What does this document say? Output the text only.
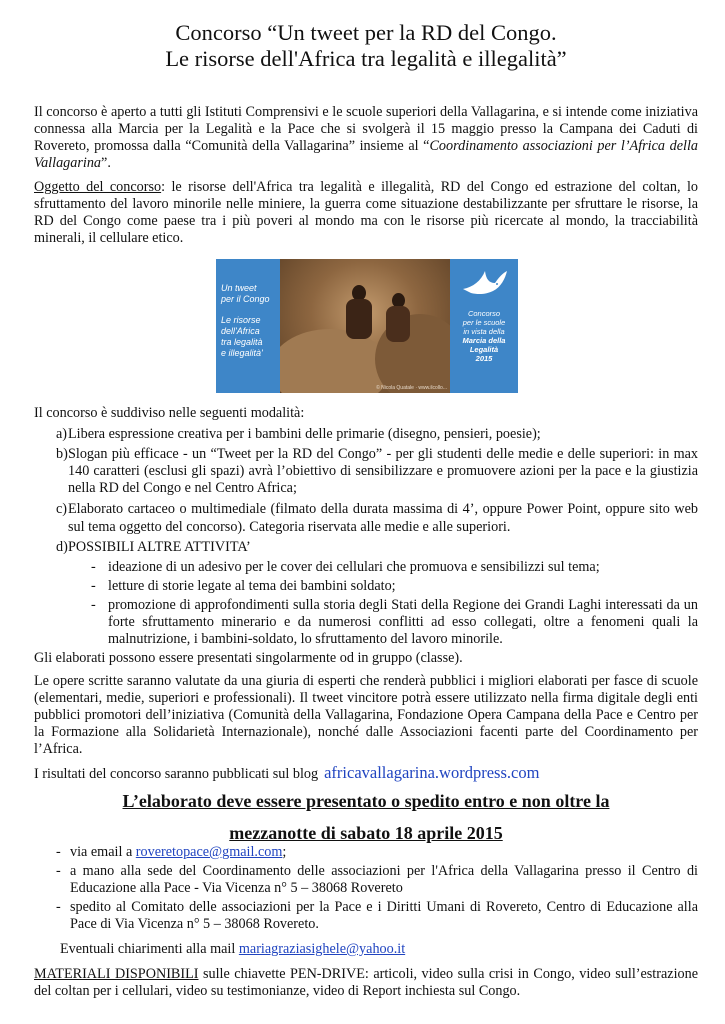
Concorso “Un tweet per la RD del Congo.
Le risorse dell'Africa tra legalità e illegalità”

Il concorso è aperto a tutti gli Istituti Comprensivi e le scuole superiori della Vallagarina, e si intende come iniziativa connessa alla Marcia per la Legalità e la Pace che si svolgerà il 15 maggio presso la Campana dei Caduti di Rovereto, promossa dalla “Comunità della Vallagarina” insieme al “Coordinamento associazioni per l’Africa della Vallagarina”.

Oggetto del concorso: le risorse dell'Africa tra legalità e illegalità, RD del Congo ed estrazione del coltan, lo sfruttamento del lavoro minorile nelle miniere, la guerra come situazione destabilizzante per sfruttare le risorse, la RD del Congo come paese tra i più poveri al mondo ma con le risorse più ricercate al mondo, la tracciabilità minerali, il cellulare etico.

Un tweet
per il Congo
Le risorse
dell'Africa
tra legalità
e illegalità'
© Nicola Quatale · www.ilcollo...
Concorso
per le scuole
in vista della
Marcia della
Legalità
2015

Il concorso è suddiviso nelle seguenti modalità:

a) Libera espressione creativa per i bambini delle primarie (disegno, pensieri, poesie);
b) Slogan più efficace - un “Tweet per la RD del Congo” - per gli studenti delle medie e delle superiori: in max 140 caratteri (esclusi gli spazi) avrà l’obiettivo di sensibilizzare e promuovere azioni per la pace e la giustizia nella RD del Congo e nel Centro Africa;
c) Elaborato cartaceo o multimediale (filmato della durata massima di 4’, oppure Power Point, oppure sito web sul tema oggetto del concorso). Categoria riservata alle medie e alle superiori.
d) POSSIBILI ALTRE ATTIVITA’
- ideazione di un adesivo per le cover dei cellulari che promuova e sensibilizzi sul tema;
- letture di storie legate al tema dei bambini soldato;
- promozione di approfondimenti sulla storia degli Stati della Regione dei Grandi Laghi interessati da un forte sfruttamento minerario e da numerosi conflitti ad esso collegati, oltre a fenomeni quali la malnutrizione, i bambini-soldato, lo sfruttamento del lavoro minorile.

Gli elaborati possono essere presentati singolarmente od in gruppo (classe).

Le opere scritte saranno valutate da una giuria di esperti che renderà pubblici i migliori elaborati per fasce di scuole (elementari, medie, superiori e professionali). Il tweet vincitore potrà essere utilizzato nella firma digitale degli enti pubblici promotori dell’iniziativa (Comunità della Vallagarina, Fondazione Opera Campana della Pace e Centro per la Formazione alla Solidarietà Internazionale), nonché dalle Associazioni facenti parte del Coordinamento per l’Africa.

I risultati del concorso saranno pubblicati sul blog africavallagarina.wordpress.com

L’elaborato deve essere presentato o spedito entro e non oltre la
mezzanotte di sabato 18 aprile 2015
- via email a roveretopace@gmail.com;
- a mano alla sede del Coordinamento delle associazioni per l'Africa della Vallagarina presso il Centro di Educazione alla Pace - Via Vicenza n° 5 – 38068 Rovereto
- spedito al Comitato delle associazioni per la Pace e i Diritti Umani di Rovereto, Centro di Educazione alla Pace di Via Vicenza n° 5 – 38068 Rovereto.

Eventuali chiarimenti alla mail mariagraziasighele@yahoo.it

MATERIALI DISPONIBILI sulle chiavette PEN-DRIVE: articoli, video sulla crisi in Congo, video sull’estrazione del coltan per i cellulari, video su testimonianze, video di Report inchiesta sul Congo.
